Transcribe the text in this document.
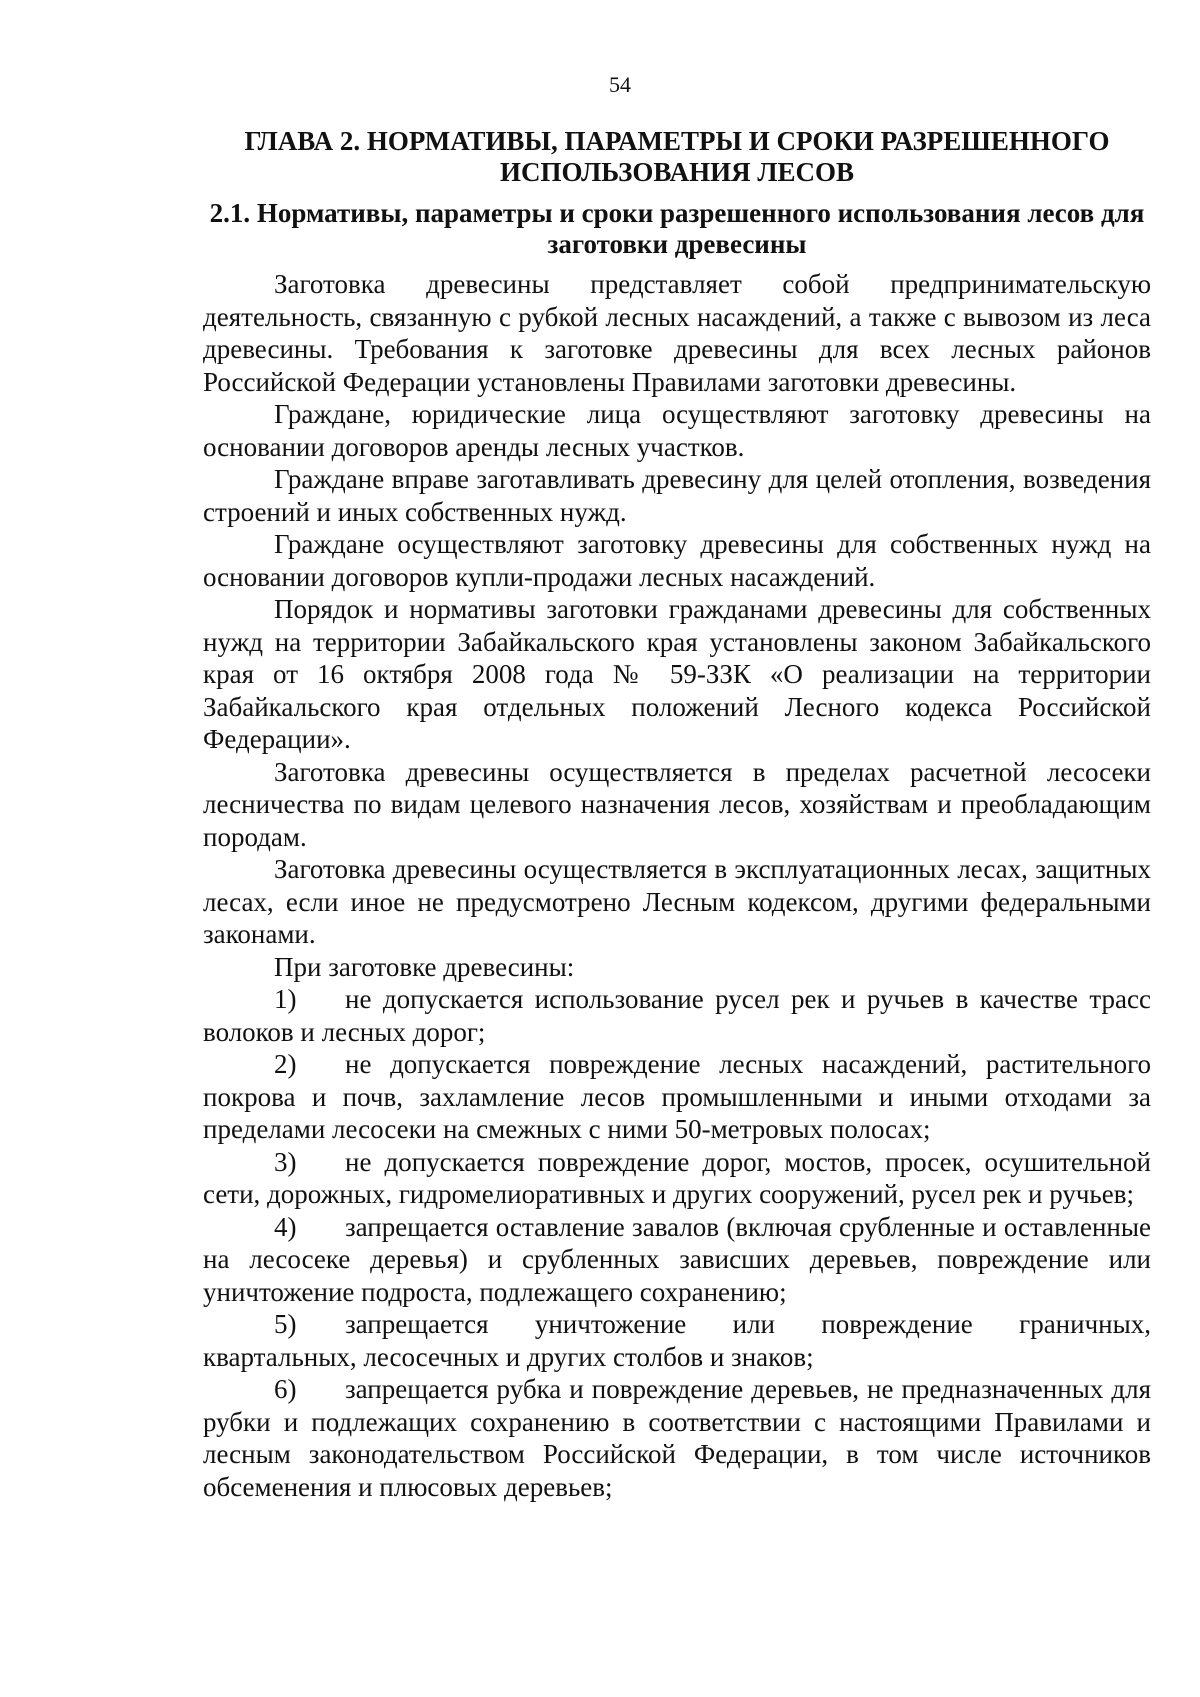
54
ГЛАВА 2. НОРМАТИВЫ, ПАРАМЕТРЫ И СРОКИ РАЗРЕШЕННОГО ИСПОЛЬЗОВАНИЯ ЛЕСОВ
2.1. Нормативы, параметры и сроки разрешенного использования лесов для заготовки древесины

Заготовка древесины представляет собой предпринимательскую деятельность, связанную с рубкой лесных насаждений, а также с вывозом из леса древесины. Требования к заготовке древесины для всех лесных районов Российской Федерации установлены Правилами заготовки древесины.

Граждане, юридические лица осуществляют заготовку древесины на основании договоров аренды лесных участков.

Граждане вправе заготавливать древесину для целей отопления, возведения строений и иных собственных нужд.

Граждане осуществляют заготовку древесины для собственных нужд на основании договоров купли-продажи лесных насаждений.

Порядок и нормативы заготовки гражданами древесины для собственных нужд на территории Забайкальского края установлены законом Забайкальского края от 16 октября 2008 года № 59-ЗЗК «О реализации на территории Забайкальского края отдельных положений Лесного кодекса Российской Федерации».

Заготовка древесины осуществляется в пределах расчетной лесосеки лесничества по видам целевого назначения лесов, хозяйствам и преобладающим породам.

Заготовка древесины осуществляется в эксплуатационных лесах, защитных лесах, если иное не предусмотрено Лесным кодексом, другими федеральными законами.

При заготовке древесины:

1) не допускается использование русел рек и ручьев в качестве трасс волоков и лесных дорог;

2) не допускается повреждение лесных насаждений, растительного покрова и почв, захламление лесов промышленными и иными отходами за пределами лесосеки на смежных с ними 50-метровых полосах;

3) не допускается повреждение дорог, мостов, просек, осушительной сети, дорожных, гидромелиоративных и других сооружений, русел рек и ручьев;

4) запрещается оставление завалов (включая срубленные и оставленные на лесосеке деревья) и срубленных зависших деревьев, повреждение или уничтожение подроста, подлежащего сохранению;

5) запрещается уничтожение или повреждение граничных, квартальных, лесосечных и других столбов и знаков;

6) запрещается рубка и повреждение деревьев, не предназначенных для рубки и подлежащих сохранению в соответствии с настоящими Правилами и лесным законодательством Российской Федерации, в том числе источников обсеменения и плюсовых деревьев;
